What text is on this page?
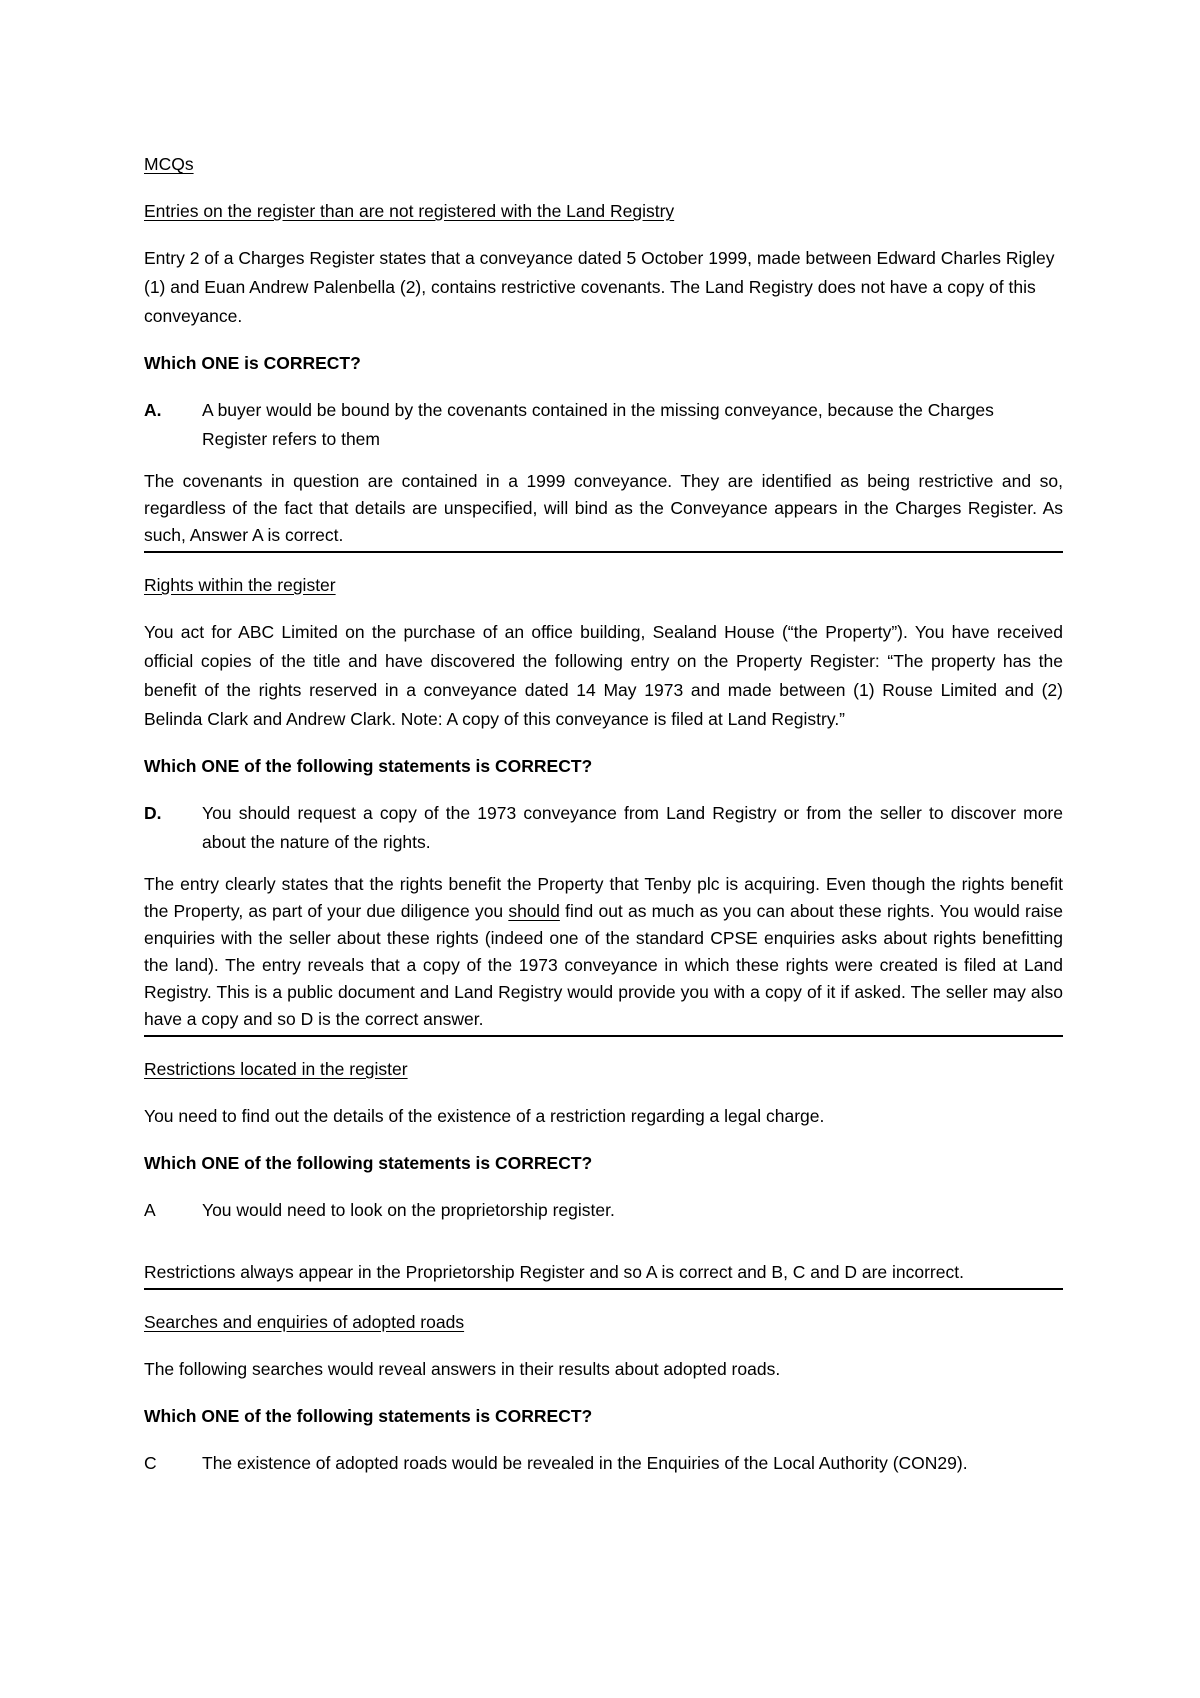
MCQs

Entries on the register than are not registered with the Land Registry

Entry 2 of a Charges Register states that a conveyance dated 5 October 1999, made between Edward Charles Rigley (1) and Euan Andrew Palenbella (2), contains restrictive covenants. The Land Registry does not have a copy of this conveyance.

Which ONE is CORRECT?

A.	A buyer would be bound by the covenants contained in the missing conveyance, because the Charges Register refers to them

The covenants in question are contained in a 1999 conveyance. They are identified as being restrictive and so, regardless of the fact that details are unspecified, will bind as the Conveyance appears in the Charges Register. As such, Answer A is correct.

Rights within the register

You act for ABC Limited on the purchase of an office building, Sealand House (“the Property”). You have received official copies of the title and have discovered the following entry on the Property Register: “The property has the benefit of the rights reserved in a conveyance dated 14 May 1973 and made between (1) Rouse Limited and (2) Belinda Clark and Andrew Clark. Note: A copy of this conveyance is filed at Land Registry.”

Which ONE of the following statements is CORRECT?

D.	You should request a copy of the 1973 conveyance from Land Registry or from the seller to discover more about the nature of the rights.

The entry clearly states that the rights benefit the Property that Tenby plc is acquiring. Even though the rights benefit the Property, as part of your due diligence you should find out as much as you can about these rights. You would raise enquiries with the seller about these rights (indeed one of the standard CPSE enquiries asks about rights benefitting the land). The entry reveals that a copy of the 1973 conveyance in which these rights were created is filed at Land Registry. This is a public document and Land Registry would provide you with a copy of it if asked. The seller may also have a copy and so D is the correct answer.

Restrictions located in the register

You need to find out the details of the existence of a restriction regarding a legal charge.

Which ONE of the following statements is CORRECT?

A	You would need to look on the proprietorship register.

Restrictions always appear in the Proprietorship Register and so A is correct and B, C and D are incorrect.

Searches and enquiries of adopted roads

The following searches would reveal answers in their results about adopted roads.

Which ONE of the following statements is CORRECT?

C	The existence of adopted roads would be revealed in the Enquiries of the Local Authority (CON29).
